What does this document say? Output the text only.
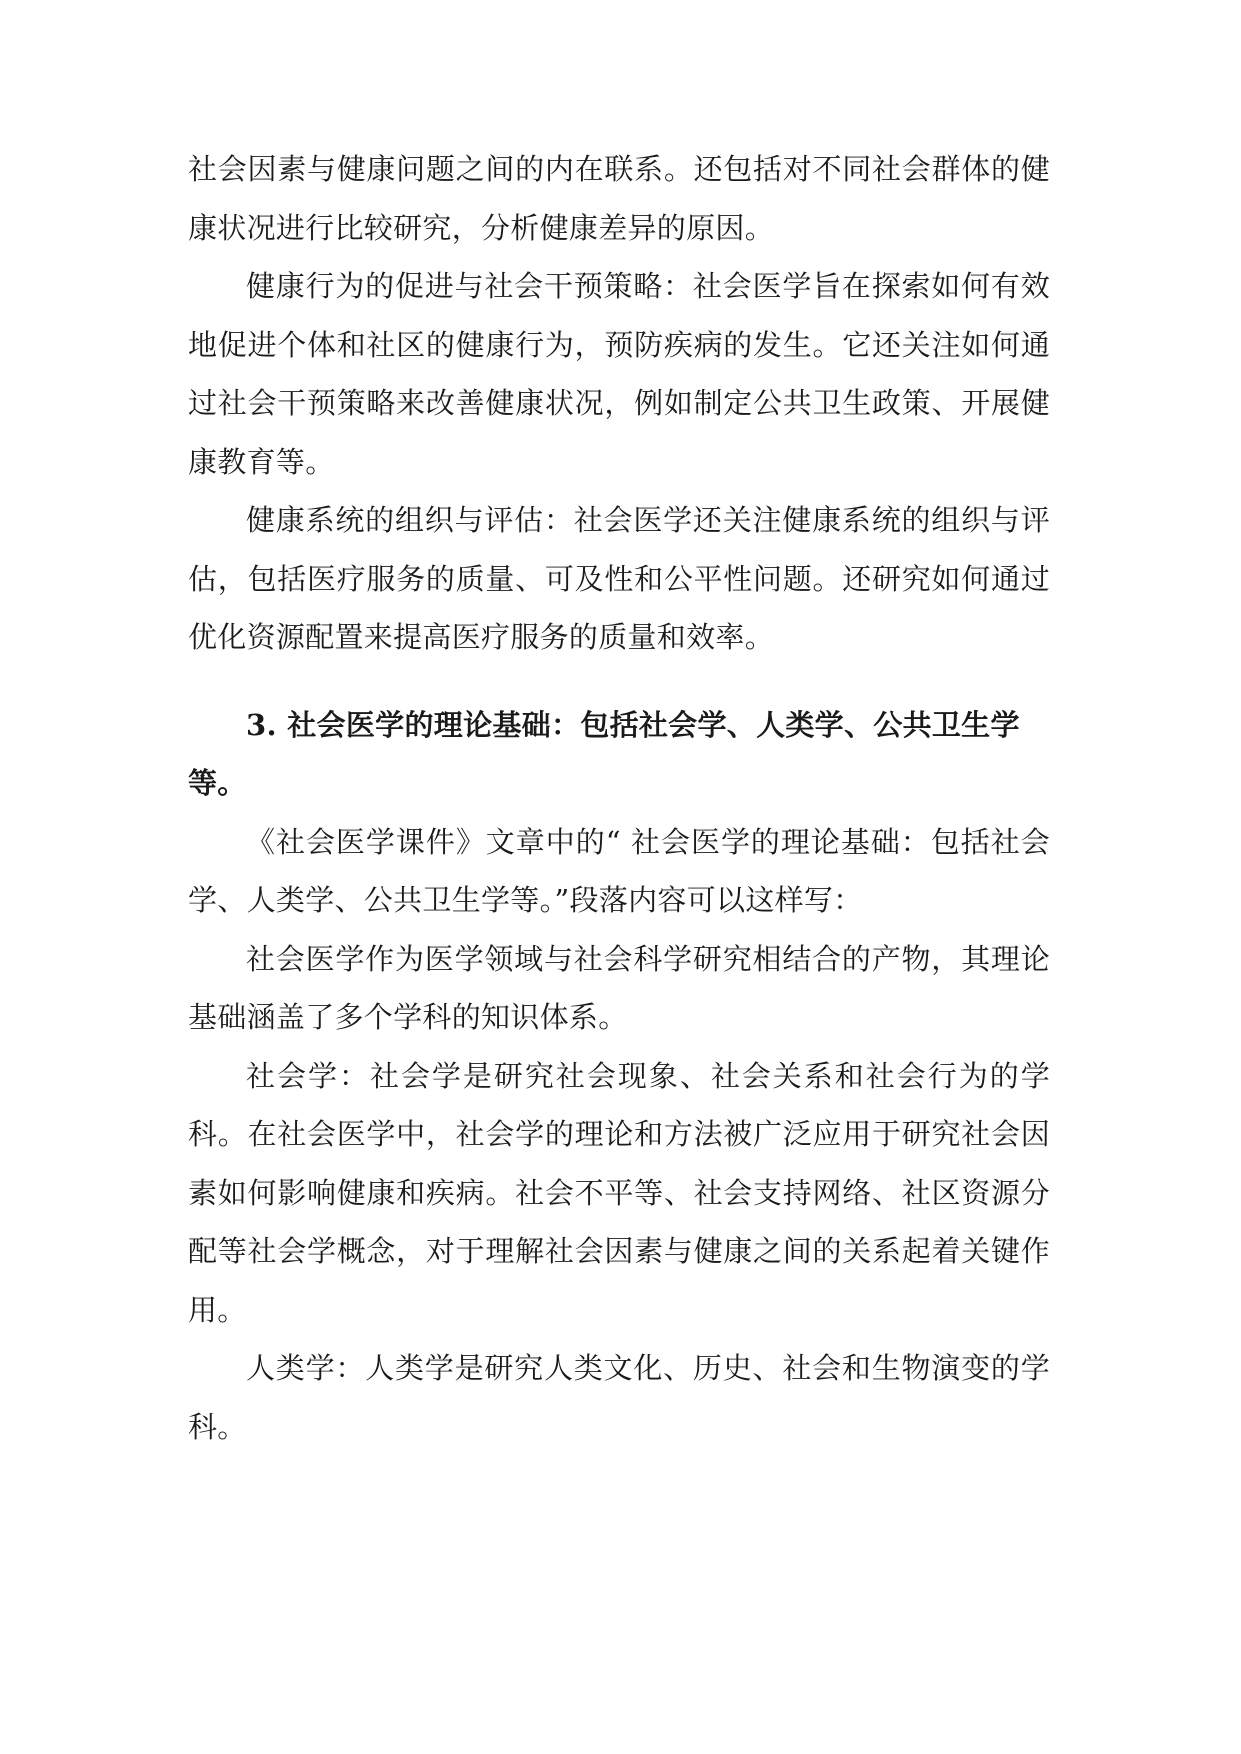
社会因素与健康问题之间的内在联系。还包括对不同社会群体的健康状况进行比较研究，分析健康差异的原因。

健康行为的促进与社会干预策略：社会医学旨在探索如何有效地促进个体和社区的健康行为，预防疾病的发生。它还关注如何通过社会干预策略来改善健康状况，例如制定公共卫生政策、开展健康教育等。

健康系统的组织与评估：社会医学还关注健康系统的组织与评估，包括医疗服务的质量、可及性和公平性问题。还研究如何通过优化资源配置来提高医疗服务的质量和效率。

3. 社会医学的理论基础：包括社会学、人类学、公共卫生学等。

《社会医学课件》文章中的“ 社会医学的理论基础：包括社会学、人类学、公共卫生学等。”段落内容可以这样写：

社会医学作为医学领域与社会科学研究相结合的产物，其理论基础涵盖了多个学科的知识体系。

社会学：社会学是研究社会现象、社会关系和社会行为的学科。在社会医学中，社会学的理论和方法被广泛应用于研究社会因素如何影响健康和疾病。社会不平等、社会支持网络、社区资源分配等社会学概念，对于理解社会因素与健康之间的关系起着关键作用。

人类学：人类学是研究人类文化、历史、社会和生物演变的学科。
